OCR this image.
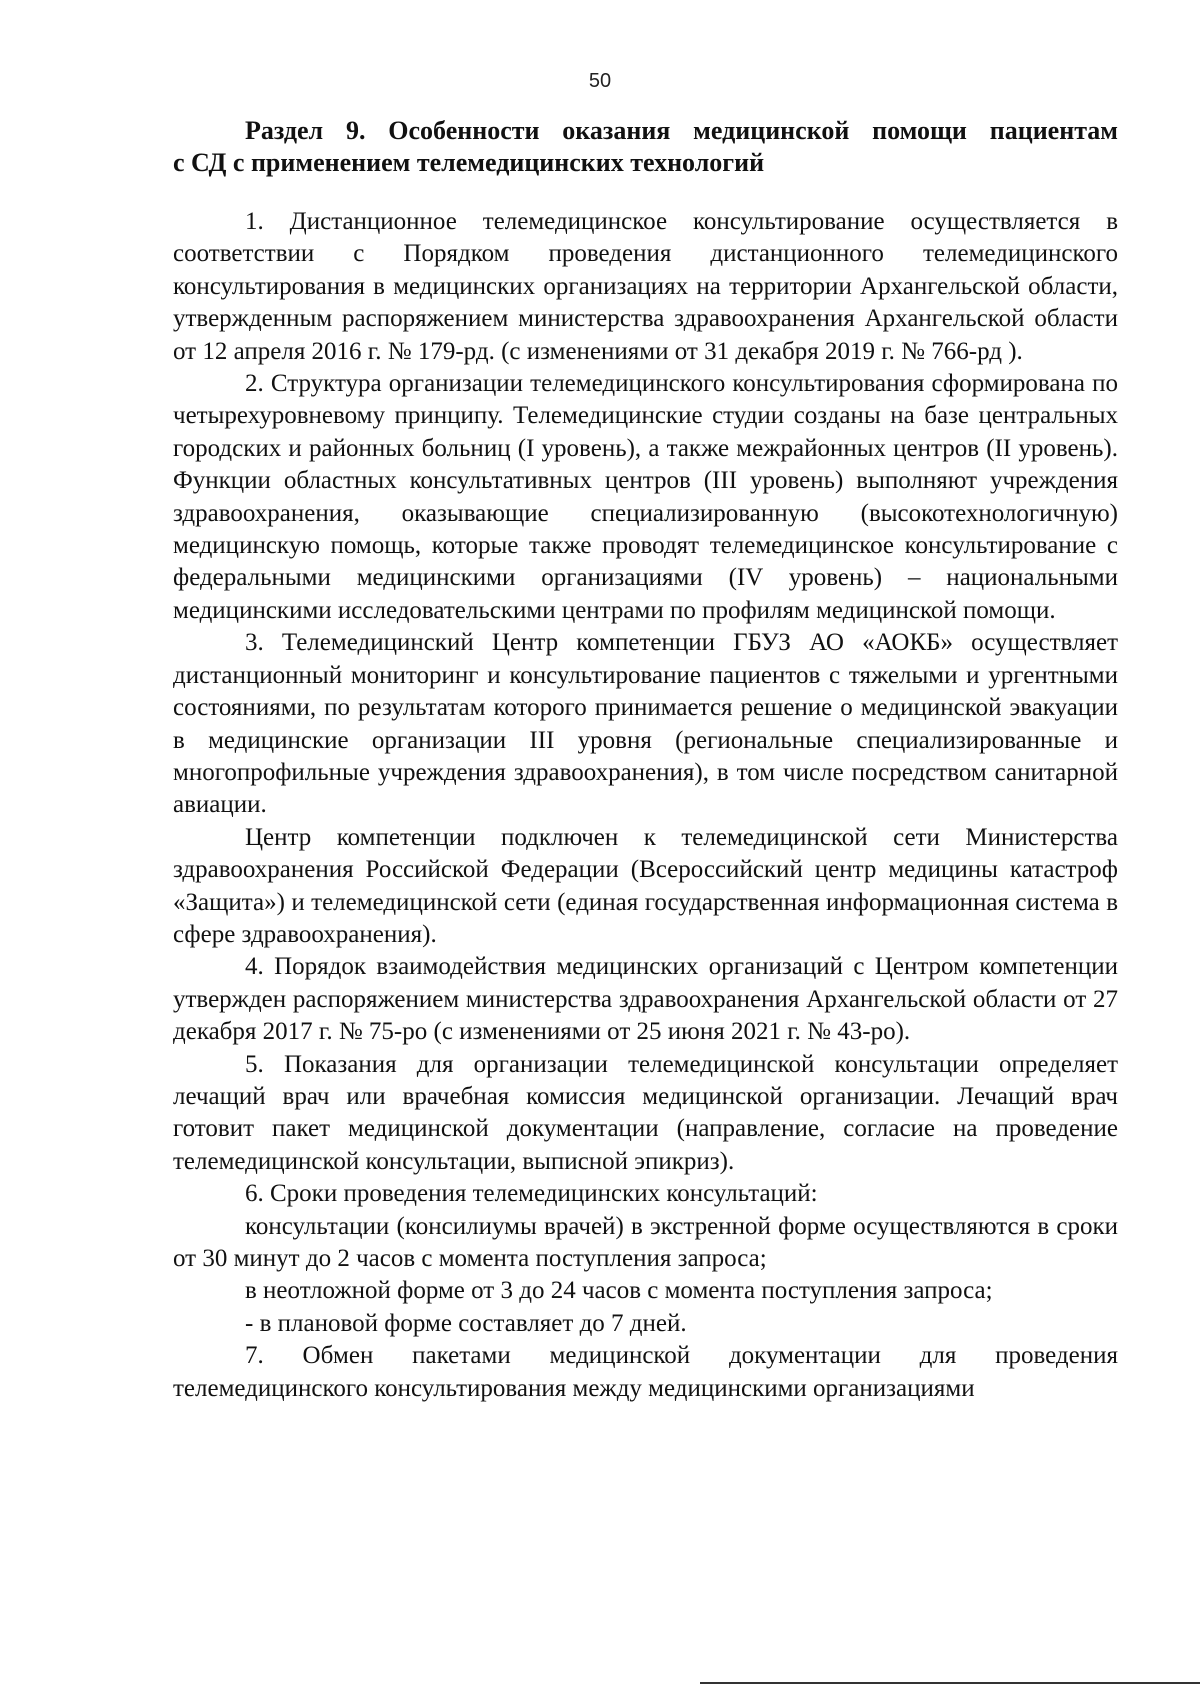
50
Раздел 9. Особенности оказания медицинской помощи пациентам
с СД с применением телемедицинских технологий

1. Дистанционное телемедицинское консультирование осуществляется в соответствии с Порядком проведения дистанционного телемедицинского консультирования в медицинских организациях на территории Архангельской области, утвержденным распоряжением министерства здравоохранения Архангельской области от 12 апреля 2016 г. № 179-рд. (с изменениями от 31 декабря 2019 г. № 766-рд ).

2. Структура организации телемедицинского консультирования сформирована по четырехуровневому принципу. Телемедицинские студии созданы на базе центральных городских и районных больниц (I уровень), а также межрайонных центров (II уровень). Функции областных консультативных центров (III уровень) выполняют учреждения здравоохранения, оказывающие специализированную (высокотехнологичную) медицинскую помощь, которые также проводят телемедицинское консультирование с федеральными медицинскими организациями (IV уровень) – национальными медицинскими исследовательскими центрами по профилям медицинской помощи.

3. Телемедицинский Центр компетенции ГБУЗ АО «АОКБ» осуществляет дистанционный мониторинг и консультирование пациентов с тяжелыми и ургентными состояниями, по результатам которого принимается решение о медицинской эвакуации в медицинские организации III уровня (региональные специализированные и многопрофильные учреждения здравоохранения), в том числе посредством санитарной авиации.

Центр компетенции подключен к телемедицинской сети Министерства здравоохранения Российской Федерации (Всероссийский центр медицины катастроф «Защита») и телемедицинской сети (единая государственная информационная система в сфере здравоохранения).

4. Порядок взаимодействия медицинских организаций с Центром компетенции утвержден распоряжением министерства здравоохранения Архангельской области от 27 декабря 2017 г. № 75-ро (с изменениями от 25 июня 2021 г. № 43-ро).

5. Показания для организации телемедицинской консультации определяет лечащий врач или врачебная комиссия медицинской организации. Лечащий врач готовит пакет медицинской документации (направление, согласие на проведение телемедицинской консультации, выписной эпикриз).

6. Сроки проведения телемедицинских консультаций:

консультации (консилиумы врачей) в экстренной форме осуществляются в сроки от 30 минут до 2 часов с момента поступления запроса;

в неотложной форме от 3 до 24 часов с момента поступления запроса;

- в плановой форме составляет до 7 дней.

7. Обмен пакетами медицинской документации для проведения телемедицинского консультирования между медицинскими организациями
